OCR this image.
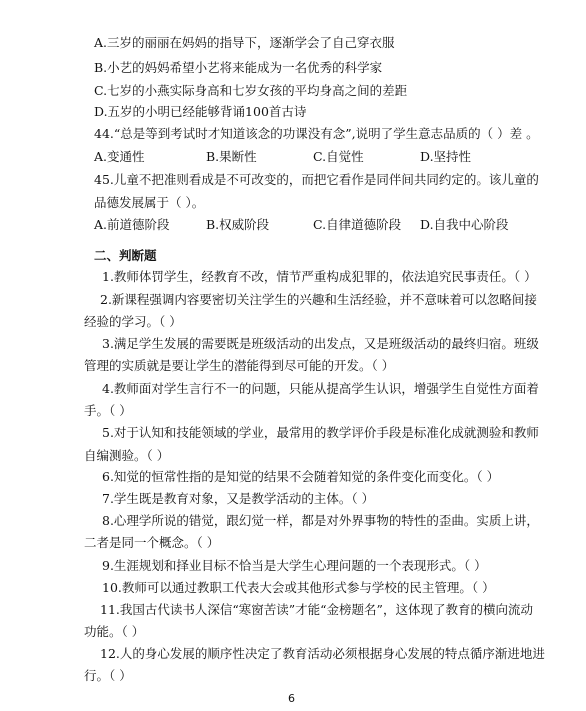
A.三岁的丽丽在妈妈的指导下，逐渐学会了自己穿衣服
B.小艺的妈妈希望小艺将来能成为一名优秀的科学家
C.七岁的小燕实际身高和七岁女孩的平均身高之间的差距
D.五岁的小明已经能够背诵100首古诗
44.“总是等到考试时才知道该念的功课没有念”,说明了学生意志品质的（ ）差 。
A.变通性	B.果断性	C.自觉性	D.坚持性
45.儿童不把准则看成是不可改变的，而把它看作是同伴间共同约定的。该儿童的
品德发展属于（ ）。
A.前道德阶段	B.权威阶段	C.自律道德阶段 D.自我中心阶段
二、判断题
1.教师体罚学生，经教育不改，情节严重构成犯罪的，依法追究民事责任。（ ）
2.新课程强调内容要密切关注学生的兴趣和生活经验，并不意味着可以忽略间接
经验的学习。（ ）
3.满足学生发展的需要既是班级活动的出发点，又是班级活动的最终归宿。班级
管理的实质就是要让学生的潜能得到尽可能的开发。（ ）
4.教师面对学生言行不一的问题，只能从提高学生认识，增强学生自觉性方面着
手。（ ）
5.对于认知和技能领域的学业，最常用的教学评价手段是标准化成就测验和教师
自编测验。（ ）
6.知觉的恒常性指的是知觉的结果不会随着知觉的条件变化而变化。（ ）
7.学生既是教育对象，又是教学活动的主体。（ ）
8.心理学所说的错觉，跟幻觉一样，都是对外界事物的特性的歪曲。实质上讲，
二者是同一个概念。（ ）
9.生涯规划和择业目标不恰当是大学生心理问题的一个表现形式。（ ）
10.教师可以通过教职工代表大会或其他形式参与学校的民主管理。（ ）
11.我国古代读书人深信“寒窗苦读”才能“金榜题名”，这体现了教育的横向流动
功能。（ ）
12.人的身心发展的顺序性决定了教育活动必须根据身心发展的特点循序渐进地进
行。（ ）
6
